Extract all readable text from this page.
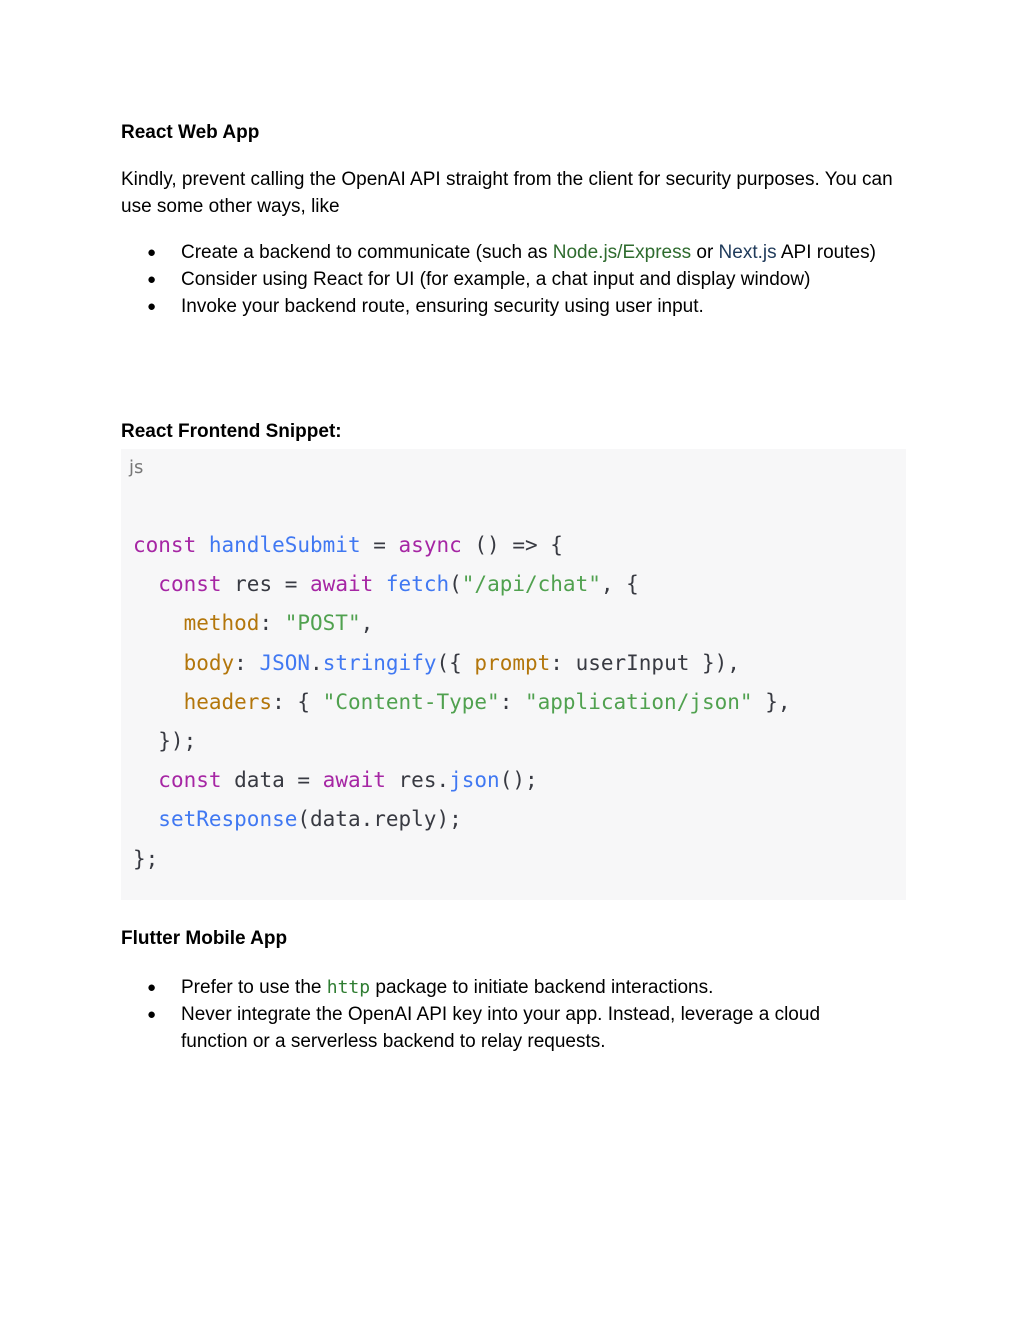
React Web App

Kindly, prevent calling the OpenAI API straight from the client for security purposes. You can use some other ways, like

● Create a backend to communicate (such as Node.js/Express or Next.js API routes)
● Consider using React for UI (for example, a chat input and display window)
● Invoke your backend route, ensuring security using user input.
React Frontend Snippet:
js
const handleSubmit = async () => {
const res = await fetch("/api/chat", {
method: "POST",
body: JSON.stringify({ prompt: userInput }),
headers: { "Content-Type": "application/json" },
});
const data = await res.json();
setResponse(data.reply);
};
Flutter Mobile App
● Prefer to use the http package to initiate backend interactions.
● Never integrate the OpenAI API key into your app. Instead, leverage a cloud function or a serverless backend to relay requests.
